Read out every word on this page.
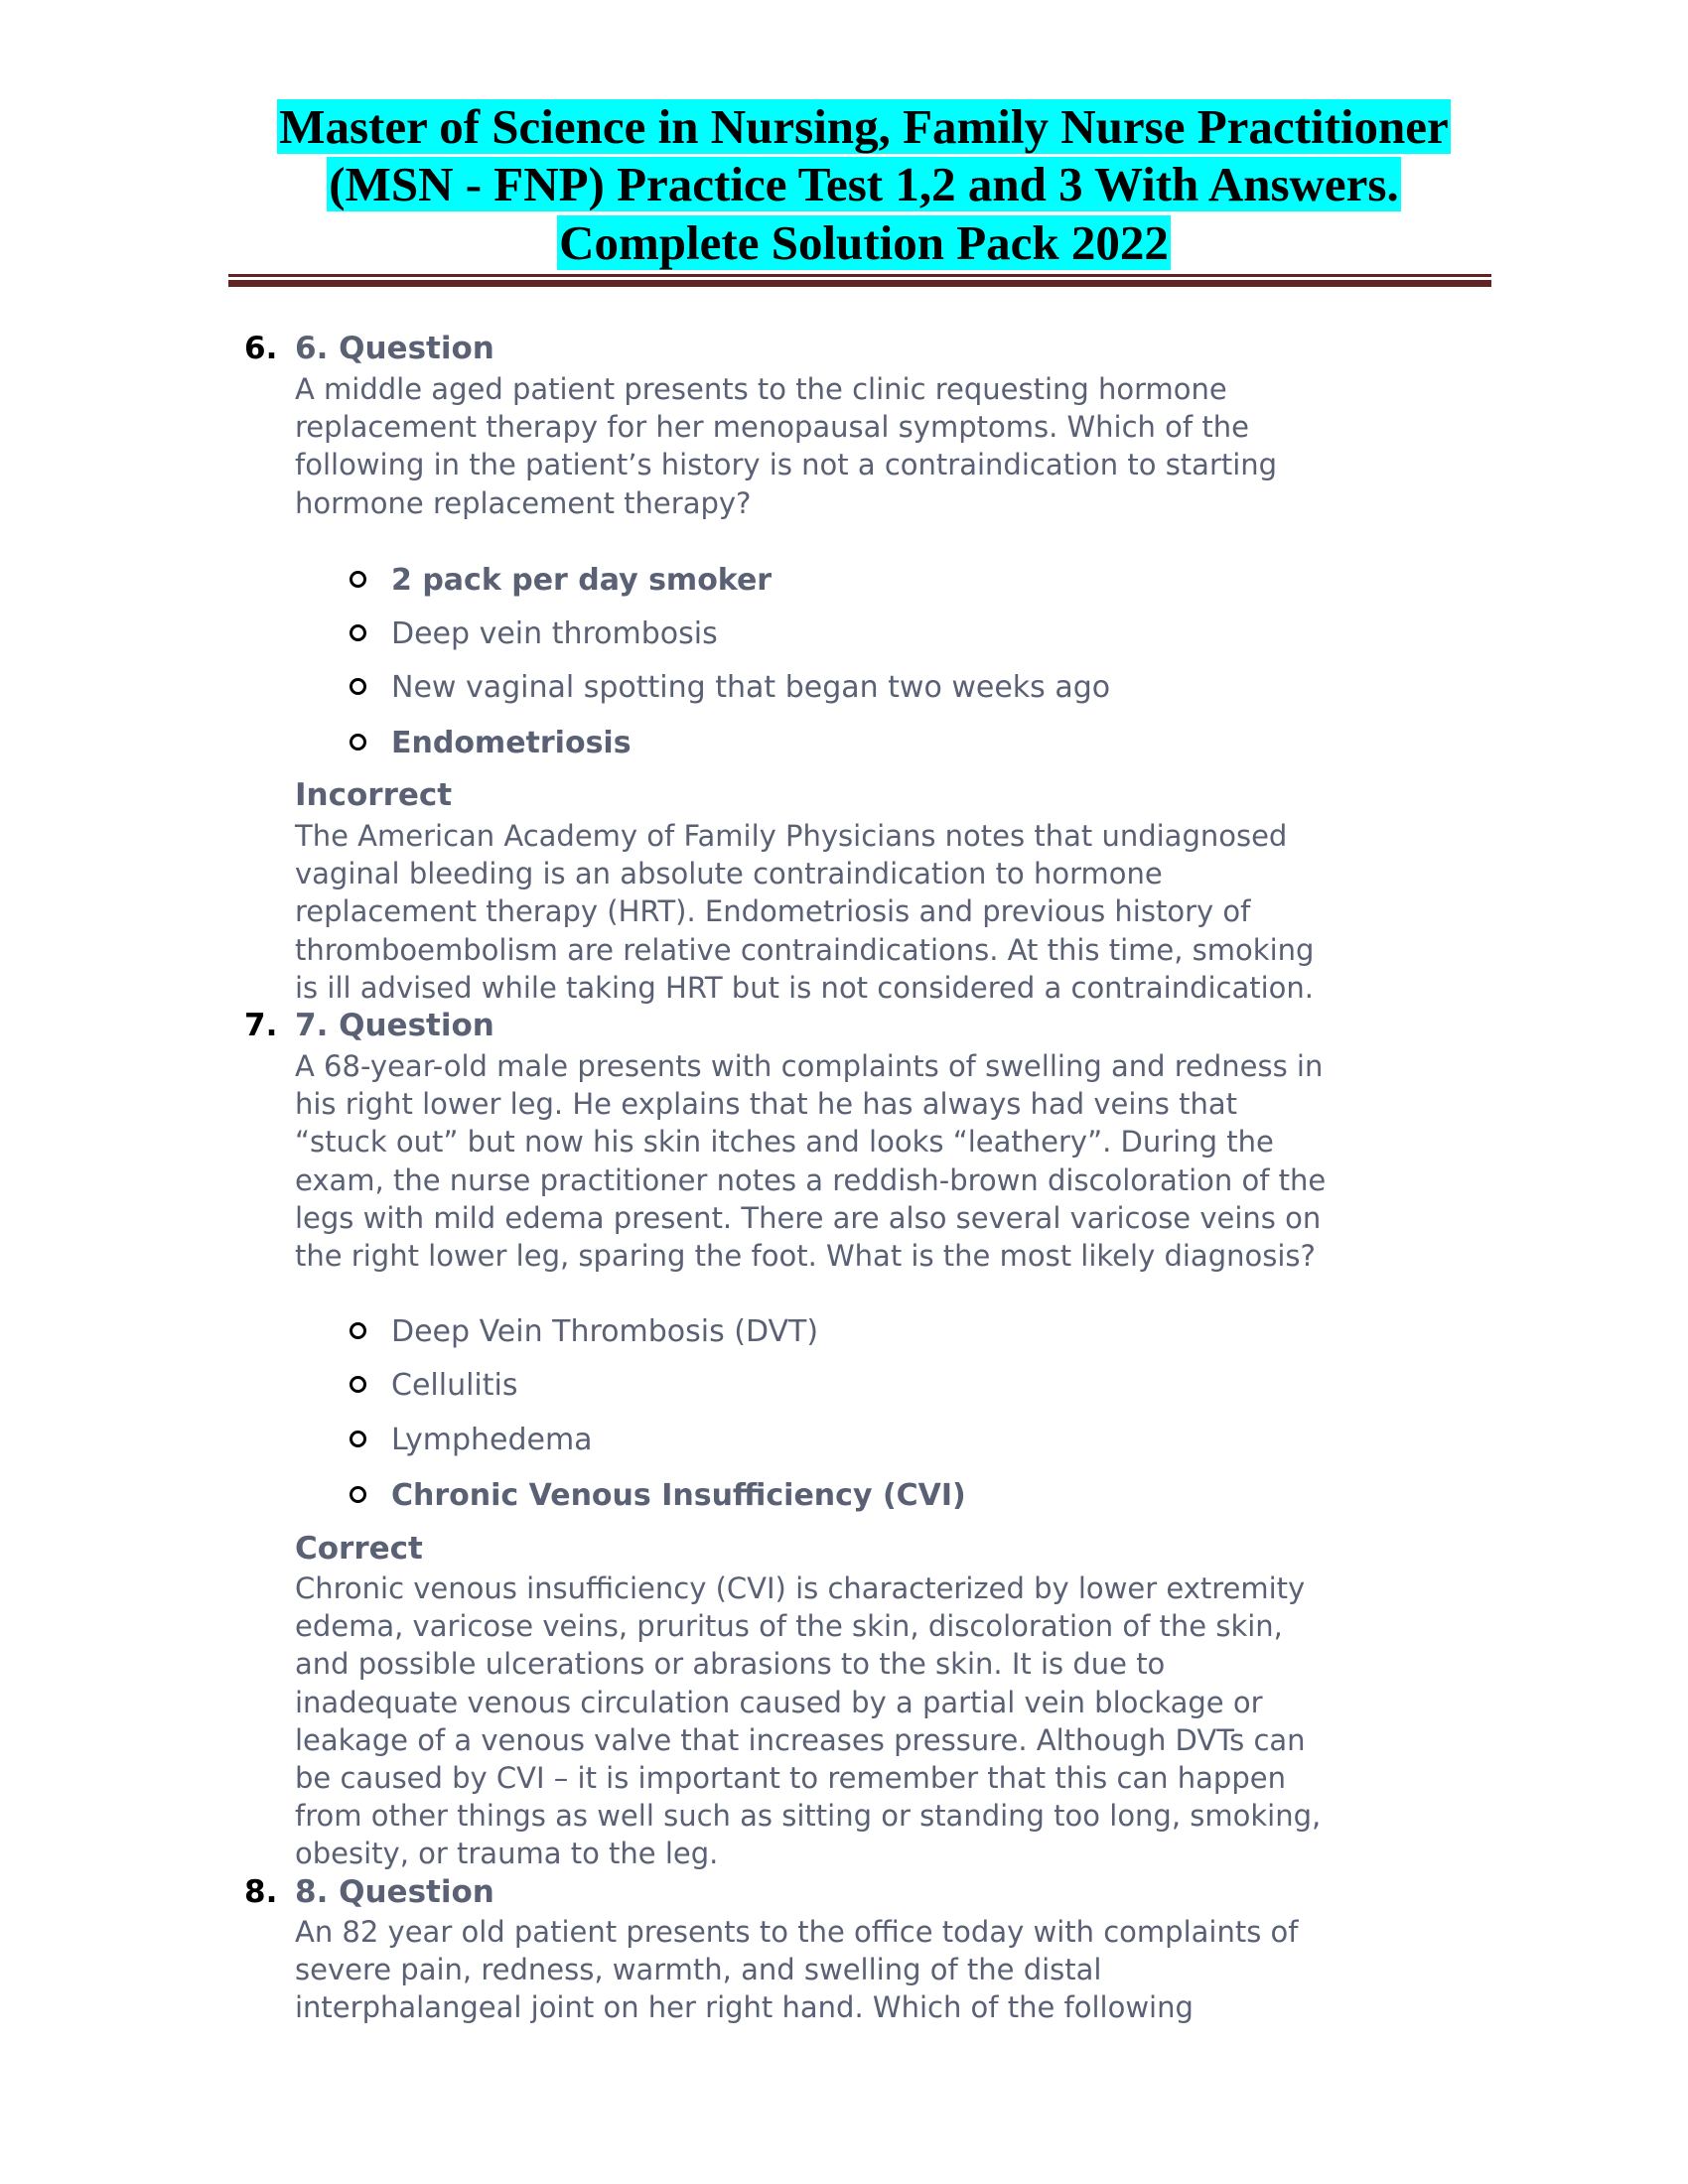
Master of Science in Nursing, Family Nurse Practitioner
(MSN - FNP) Practice Test 1,2 and 3 With Answers.
Complete Solution Pack 2022
6. 6. Question
A middle aged patient presents to the clinic requesting hormone
replacement therapy for her menopausal symptoms. Which of the
following in the patient’s history is not a contraindication to starting
hormone replacement therapy?
2 pack per day smoker
Deep vein thrombosis
New vaginal spotting that began two weeks ago
Endometriosis
Incorrect
The American Academy of Family Physicians notes that undiagnosed
vaginal bleeding is an absolute contraindication to hormone
replacement therapy (HRT). Endometriosis and previous history of
thromboembolism are relative contraindications. At this time, smoking
is ill advised while taking HRT but is not considered a contraindication.
7. 7. Question
A 68-year-old male presents with complaints of swelling and redness in
his right lower leg. He explains that he has always had veins that
“stuck out” but now his skin itches and looks “leathery”. During the
exam, the nurse practitioner notes a reddish-brown discoloration of the
legs with mild edema present. There are also several varicose veins on
the right lower leg, sparing the foot. What is the most likely diagnosis?
Deep Vein Thrombosis (DVT)
Cellulitis
Lymphedema
Chronic Venous Insufficiency (CVI)
Correct
Chronic venous insufficiency (CVI) is characterized by lower extremity
edema, varicose veins, pruritus of the skin, discoloration of the skin,
and possible ulcerations or abrasions to the skin. It is due to
inadequate venous circulation caused by a partial vein blockage or
leakage of a venous valve that increases pressure. Although DVTs can
be caused by CVI – it is important to remember that this can happen
from other things as well such as sitting or standing too long, smoking,
obesity, or trauma to the leg.
8. 8. Question
An 82 year old patient presents to the office today with complaints of
severe pain, redness, warmth, and swelling of the distal
interphalangeal joint on her right hand. Which of the following
